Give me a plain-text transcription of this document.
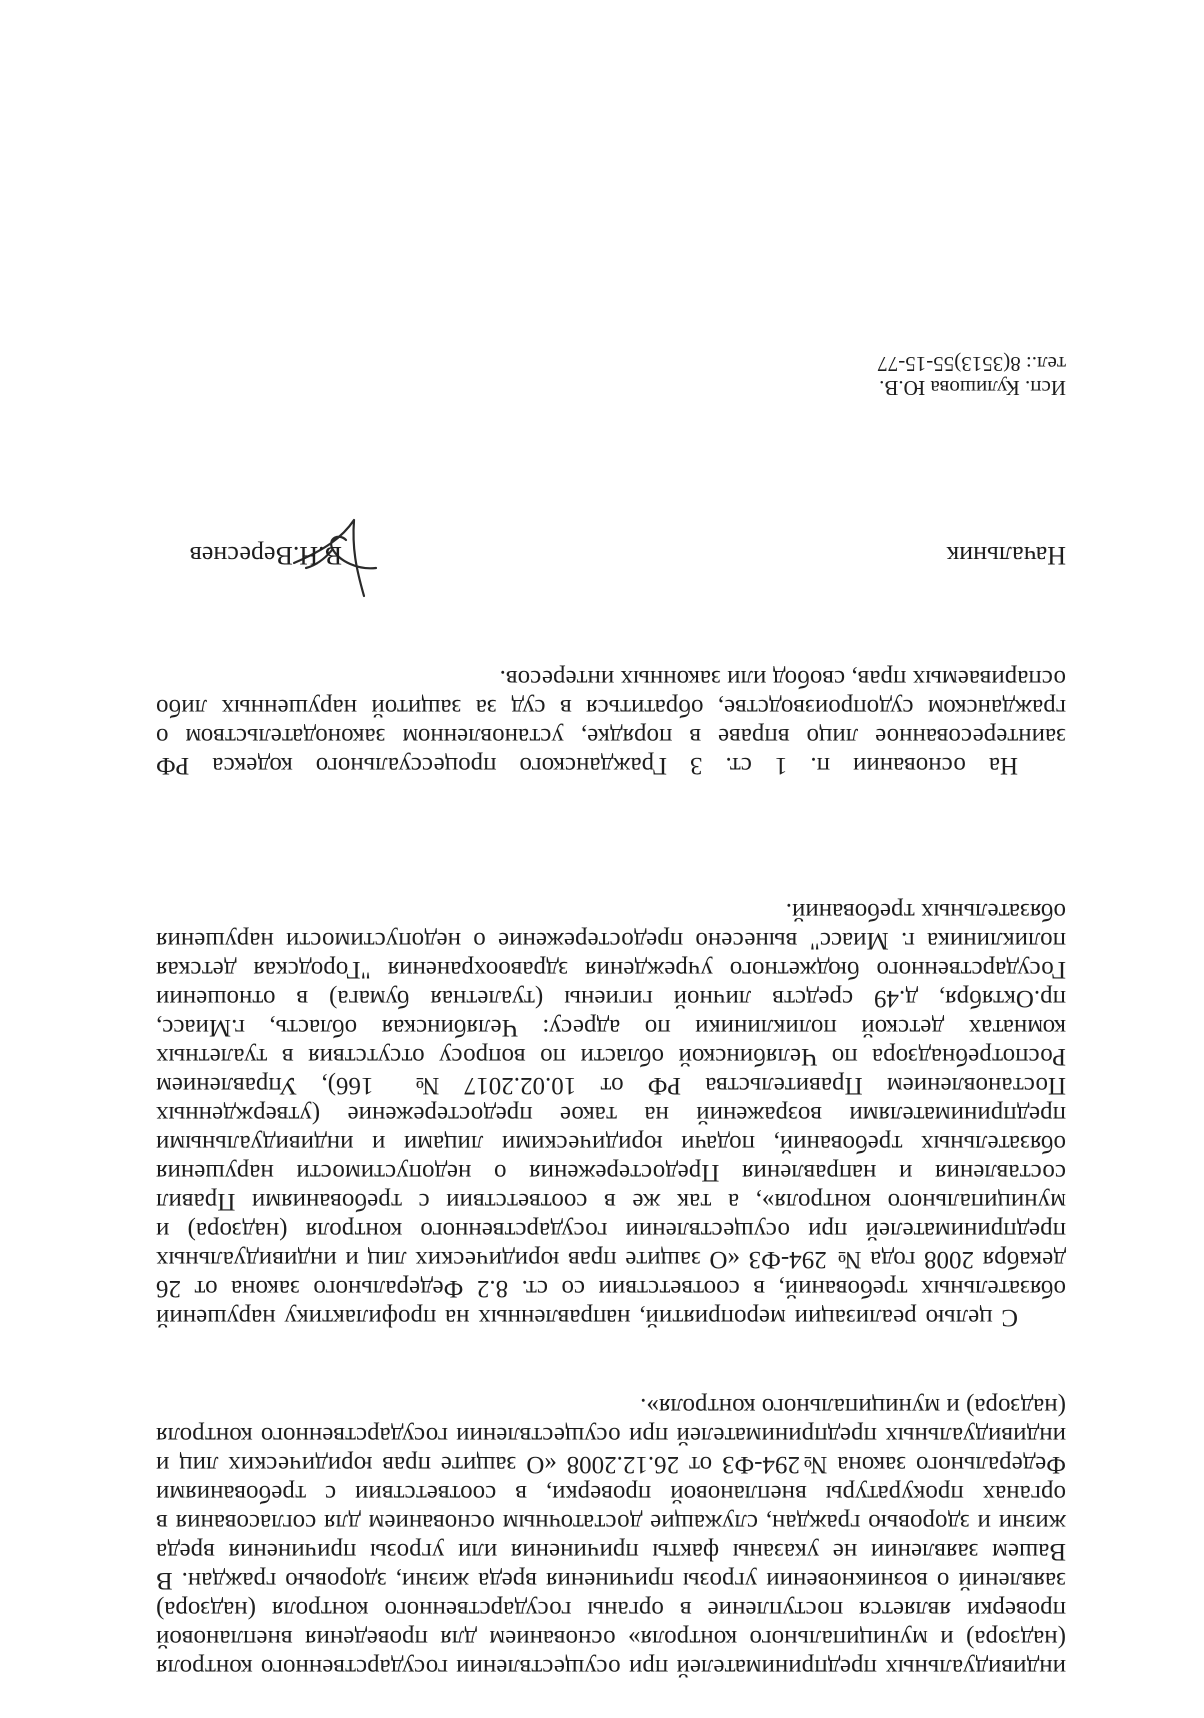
индивидуальных предпринимателей при осуществлении государственного контроля (надзора) и муниципального контроля» основанием для проведения внеплановой проверки является поступление в органы государственного контроля (надзора) заявлений о возникновении угрозы причинения вреда жизни, здоровью граждан. В Вашем заявлении не указаны факты причинения или угрозы причинения вреда жизни и здоровью граждан, служащие достаточным основанием для согласования в органах прокуратуры внеплановой проверки, в соответствии с требованиями Федерального закона №294-ФЗ от 26.12.2008 «О защите прав юридических лиц и индивидуальных предпринимателей при осуществлении государственного контроля (надзора) и муниципального контроля».

С целью реализации мероприятий, направленных на профилактику нарушений обязательных требований, в соответствии со ст. 8.2 Федерального закона от 26 декабря 2008 года № 294-ФЗ «О защите прав юридических лиц и индивидуальных предпринимателей при осуществлении государственного контроля (надзора) и муниципального контроля», а так же в соответствии с требованиями Правил составления и направления Предостережения о недопустимости нарушения обязательных требований, подачи юридическими лицами и индивидуальными предпринимателями возражений на такое предостережение (утвержденных Постановлением Правительства РФ от 10.02.2017 № 166), Управлением Роспотребнадзора по Челябинской области по вопросу отсутствия в туалетных комнатах детской поликлиники по адресу: Челябинская область, г.Миасс, пр.Октября, д.49 средств личной гигиены (туалетная бумага) в отношении Государственного бюджетного учреждения здравоохранения "Городская детская поликлиника г. Миасс" вынесено предостережение о недопустимости нарушения обязательных требований.

На основании п. 1 ст. 3 Гражданского процессуального кодекса РФ заинтересованное лицо вправе в порядке, установленном законодательством о гражданском судопроизводстве, обратиться в суд за защитой нарушенных либо оспариваемых прав, свобод или законных интересов.

Начальник
В.Н.Вереснев
Исп. Кулишова Ю.В.
тел.: 8(3513)55-15-77
